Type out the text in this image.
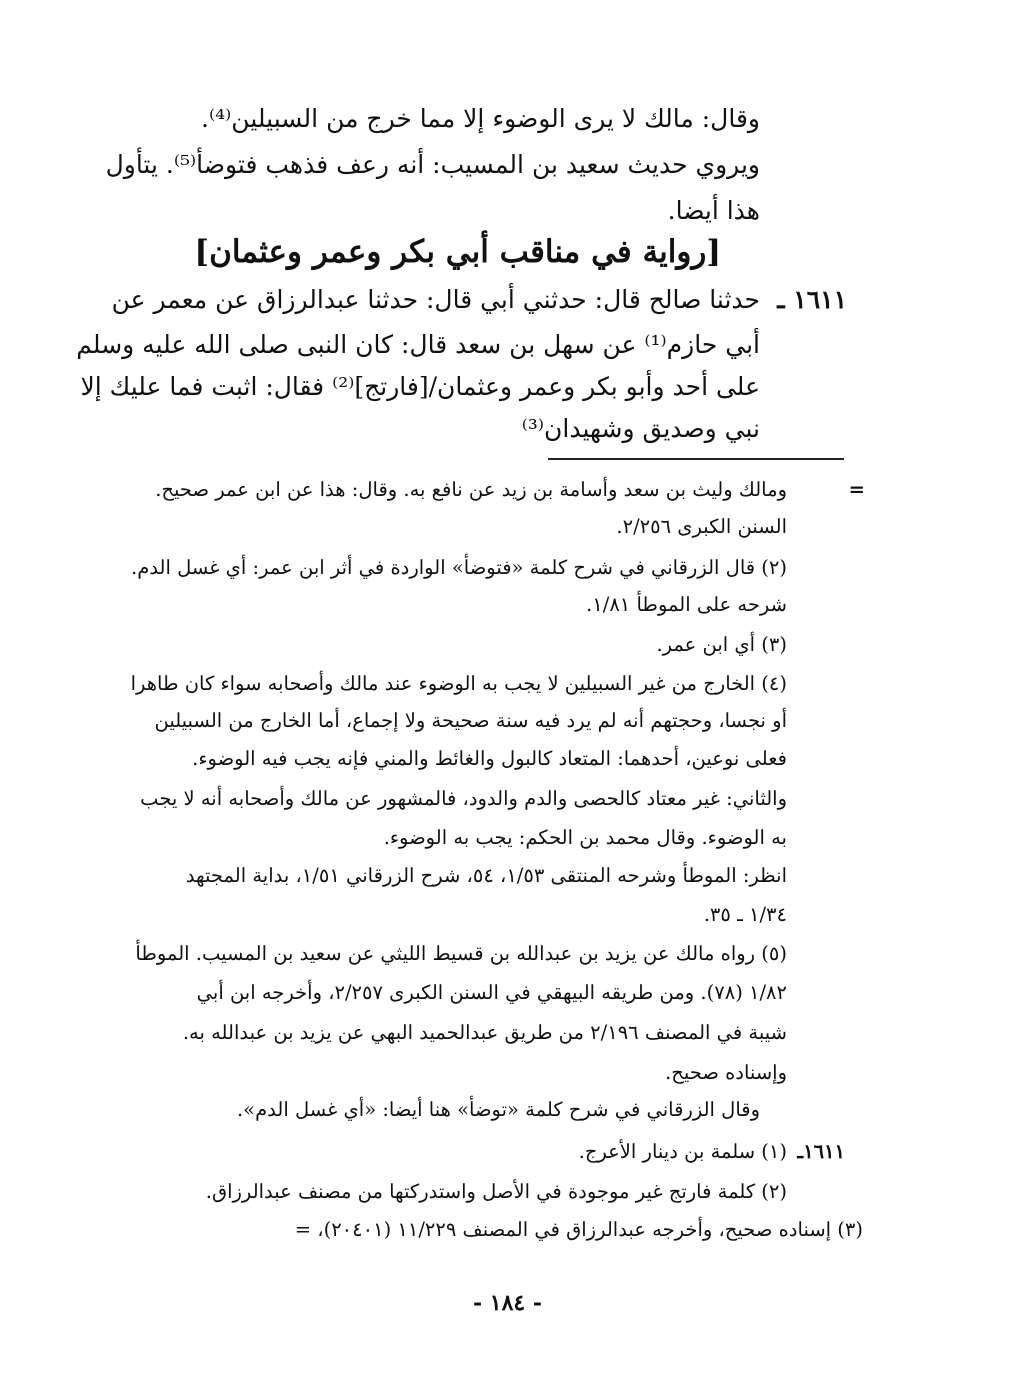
وقال: مالك لا يرى الوضوء إلا مما خرج من السبيلين⁽⁴⁾.
ويروي حديث سعيد بن المسيب: أنه رعف فذهب فتوضأ⁽⁵⁾. يتأول
هذا أيضا.
[رواية في مناقب أبي بكر وعمر وعثمان]
١٦١١ ـ
حدثنا صالح قال: حدثني أبي قال: حدثنا عبدالرزاق عن معمر عن
أبي حازم⁽¹⁾ عن سهل بن سعد قال: كان النبى صلى الله عليه وسلم
على أحد وأبو بكر وعمر وعثمان/[فارتج]⁽²⁾ فقال: اثبت فما عليك إلا
نبي وصديق وشهيدان⁽³⁾
=
ومالك وليث بن سعد وأسامة بن زيد عن نافع به. وقال: هذا عن ابن عمر صحيح.
السنن الكبرى ٢/٢٥٦.
(٢) قال الزرقاني في شرح كلمة «فتوضأ» الواردة في أثر ابن عمر: أي غسل الدم.
شرحه على الموطأ ١/٨١.
(٣) أي ابن عمر.
(٤) الخارج من غير السبيلين لا يجب به الوضوء عند مالك وأصحابه سواء كان طاهرا
أو نجسا، وحجتهم أنه لم يرد فيه سنة صحيحة ولا إجماع، أما الخارج من السبيلين
فعلى نوعين، أحدهما: المتعاد كالبول والغائط والمني فإنه يجب فيه الوضوء.
والثاني: غير معتاد كالحصى والدم والدود، فالمشهور عن مالك وأصحابه أنه لا يجب
به الوضوء. وقال محمد بن الحكم: يجب به الوضوء.
انظر: الموطأ وشرحه المنتقى ١/٥٣، ٥٤، شرح الزرقاني ١/٥١، بداية المجتهد
١/٣٤ ـ ٣٥.
(٥) رواه مالك عن يزيد بن عبدالله بن قسيط الليثي عن سعيد بن المسيب. الموطأ
١/٨٢ (٧٨). ومن طريقه البيهقي في السنن الكبرى ٢/٢٥٧، وأخرجه ابن أبي
شيبة في المصنف ٢/١٩٦ من طريق عبدالحميد البهي عن يزيد بن عبدالله به.
وإسناده صحيح.
وقال الزرقاني في شرح كلمة «توضأ» هنا أيضا: «أي غسل الدم».
١٦١١ـ
(١) سلمة بن دينار الأعرج.
(٢) كلمة فارتج غير موجودة في الأصل واستدركتها من مصنف عبدالرزاق.
(٣) إسناده صحيح، وأخرجه عبدالرزاق في المصنف ١١/٢٢٩ (٢٠٤٠١)، =
- ١٨٤ -
